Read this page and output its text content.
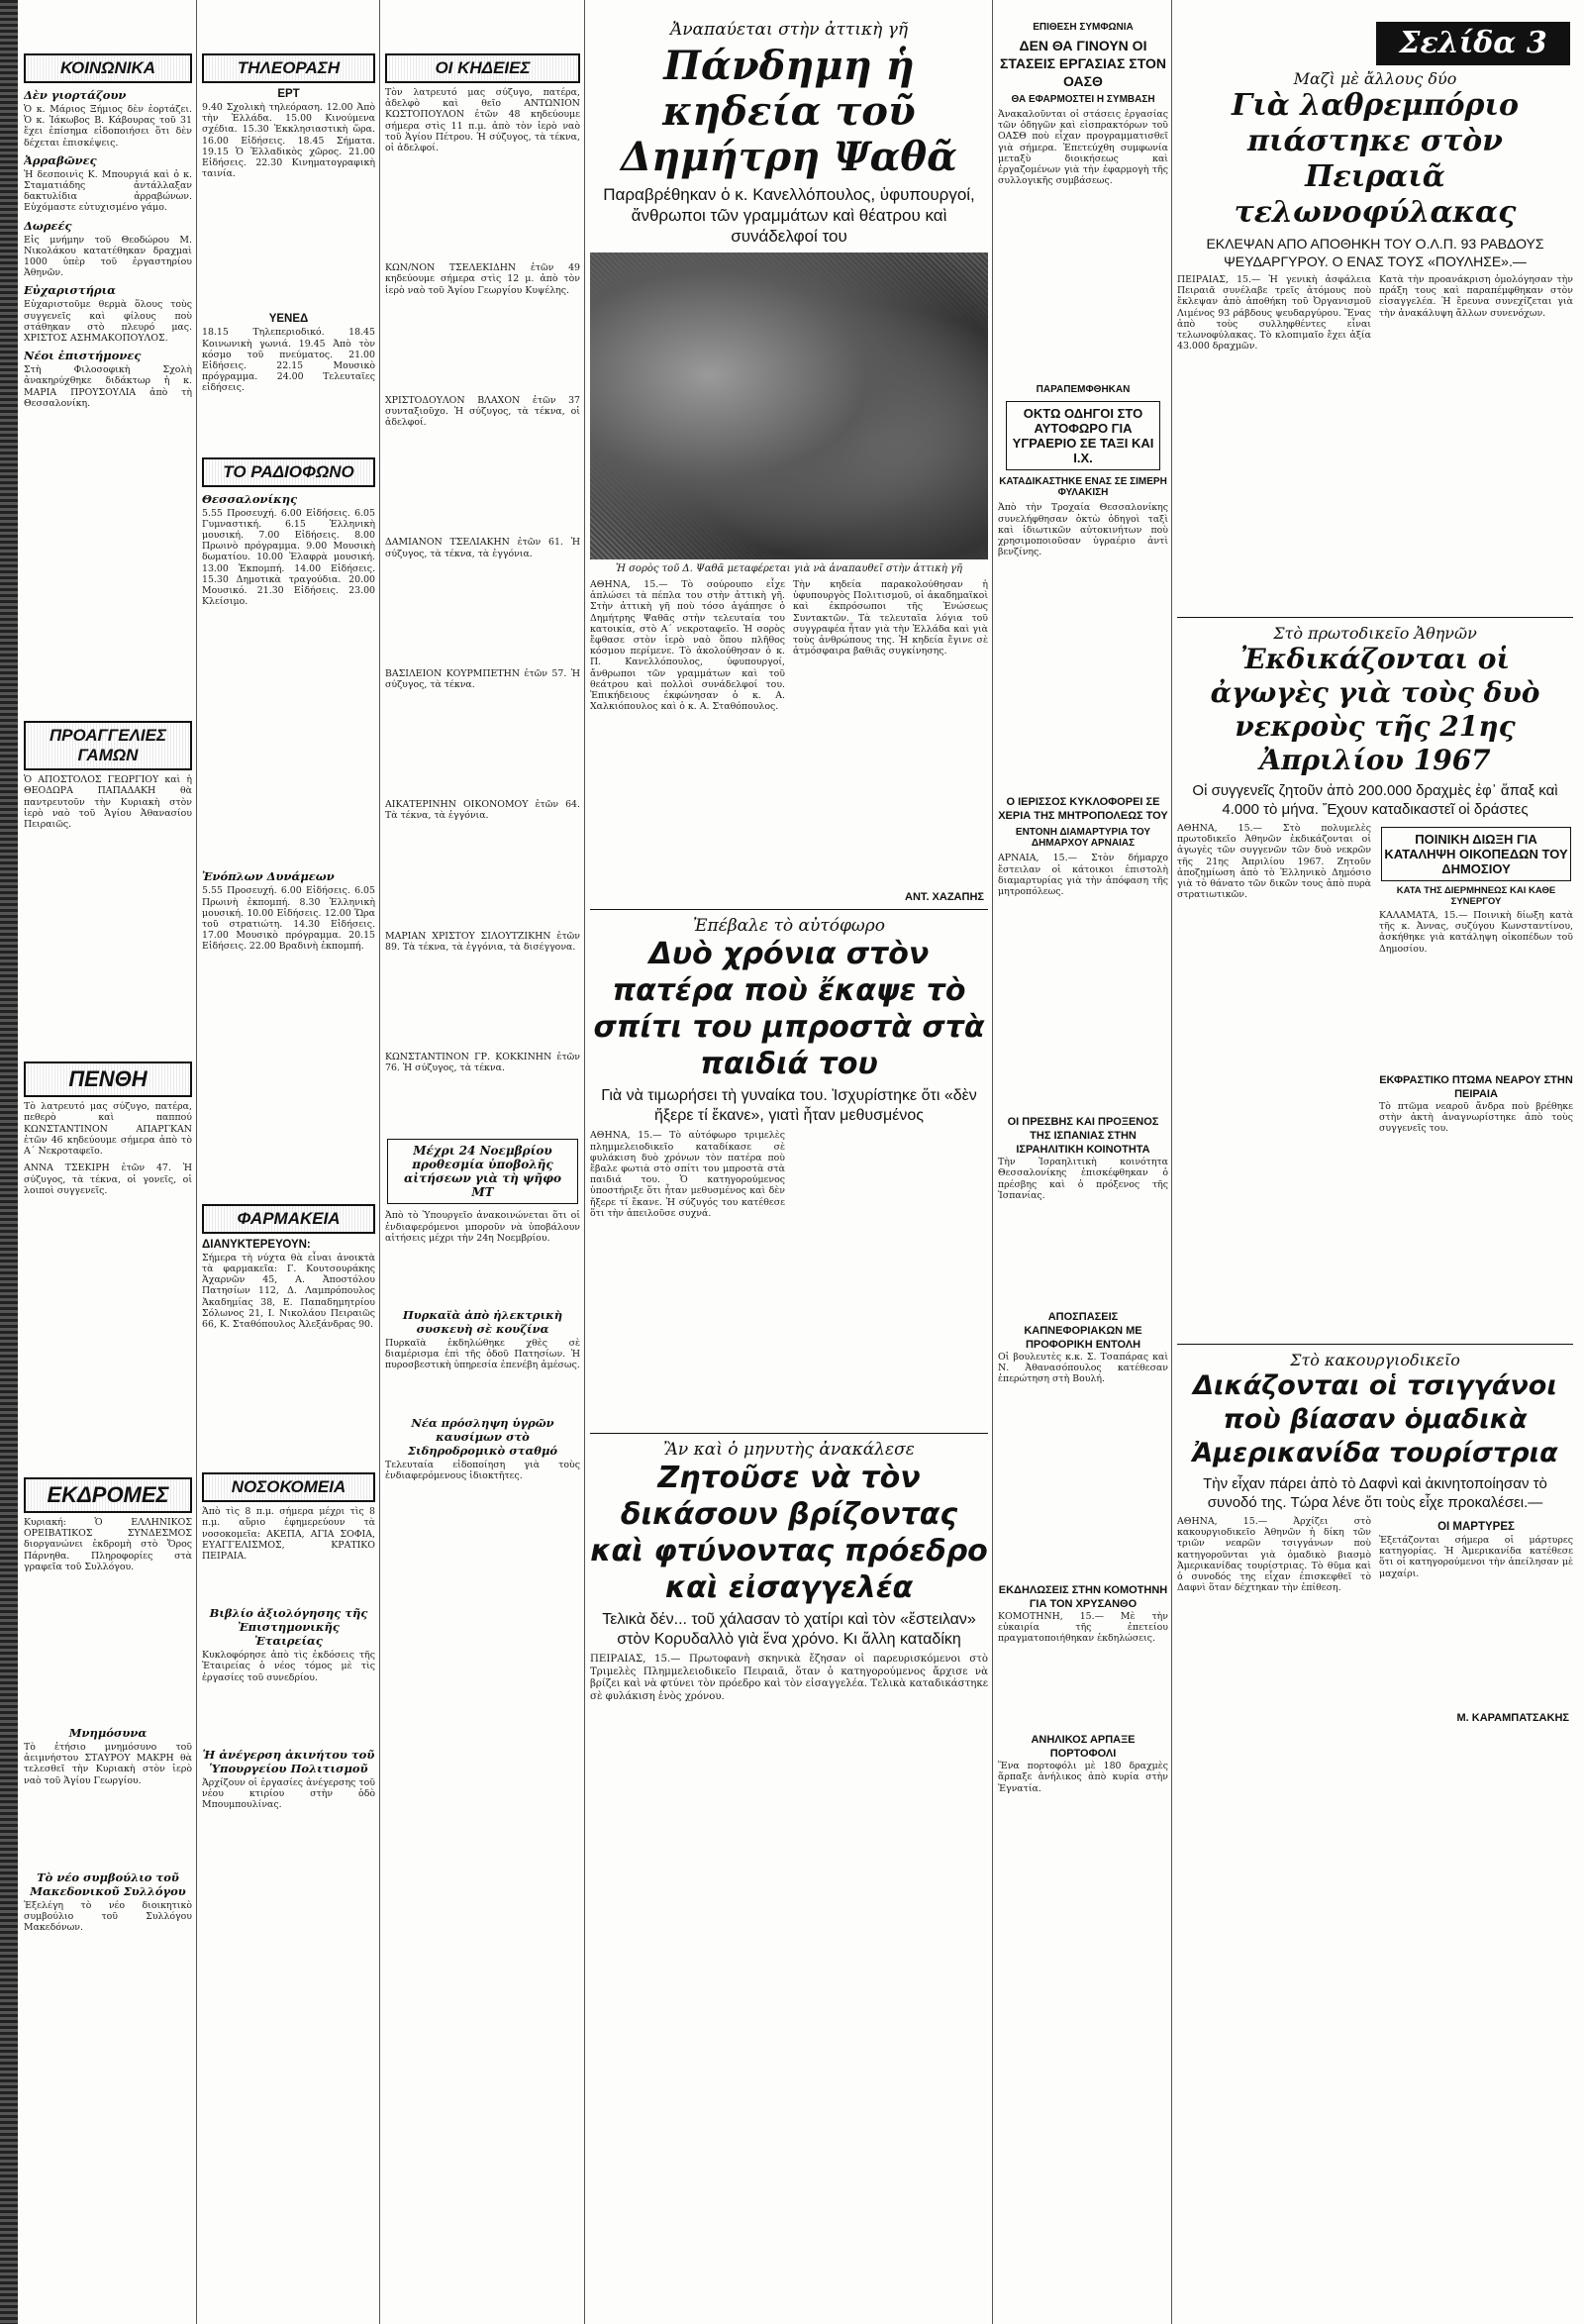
Σελίδα 3
ΚΟΙΝΩΝΙΚΑ
Δὲν γιορτάζουν

Ὁ κ. Μάριος Ξήμιος δὲν ἑορτάζει. Ὁ κ. Ἰάκωβος Β. Κάβουρας τοῦ 31 ἔχει ἐπίσημα εἰδοποιήσει ὅτι δὲν δέχεται ἐπισκέψεις.

Ἀρραβῶνες

Ἡ δεσποινὶς Κ. Μπουργιά καὶ ὁ κ. Σταματιάδης ἀντάλλαξαν δακτυλίδια ἀρραβώνων. Εὐχόμαστε εὐτυχισμένο γάμο.

Δωρεές

Εἰς μνήμην τοῦ Θεοδώρου Μ. Νικολάκου κατατέθηκαν δραχμαὶ 1000 ὑπὲρ τοῦ ἐργαστηρίου Ἀθηνῶν.

Εὐχαριστήρια

Εὐχαριστοῦμε θερμὰ ὅλους τοὺς συγγενεῖς καὶ φίλους ποὺ στάθηκαν στὸ πλευρό μας. ΧΡΙΣΤΟΣ ΑΣΗΜΑΚΟΠΟΥΛΟΣ.

Νέοι ἐπιστήμονες

Στὴ Φιλοσοφικὴ Σχολὴ ἀνακηρύχθηκε διδάκτωρ ἡ κ. ΜΑΡΙΑ ΠΡΟΥΣΟΥΛΙΑ ἀπὸ τὴ Θεσσαλονίκη.

ΠΡΟΑΓΓΕΛΙΕΣ ΓΑΜΩΝ

Ὁ ΑΠΟΣΤΟΛΟΣ ΓΕΩΡΓΙΟΥ καὶ ἡ ΘΕΟΔΩΡΑ ΠΑΠΑΔΑΚΗ θὰ παντρευτοῦν τὴν Κυριακὴ στὸν ἱερὸ ναὸ τοῦ Ἁγίου Ἀθανασίου Πειραιῶς.

ΠΕΝΘΗ

Τὸ λατρευτό μας σύζυγο, πατέρα, πεθερὸ καὶ παππού ΚΩΝΣΤΑΝΤΙΝΟΝ ΑΠΑΡΓΚΑΝ ἐτῶν 46 κηδεύουμε σήμερα ἀπὸ τὸ Α΄ Νεκροταφεῖο.

ΑΝΝΑ ΤΣΕΚΙΡΗ ἐτῶν 47. Ἡ σύζυγος, τὰ τέκνα, οἱ γονεῖς, οἱ λοιποὶ συγγενεῖς.

ΕΚΔΡΟΜΕΣ

Κυριακή: Ὁ ΕΛΛΗΝΙΚΟΣ ΟΡΕΙΒΑΤΙΚΟΣ ΣΥΝΔΕΣΜΟΣ διοργανώνει ἐκδρομὴ στὸ Ὄρος Πάρνηθα. Πληροφορίες στὰ γραφεῖα τοῦ Συλλόγου.

Μνημόσυνα

Τὸ ἐτήσιο μνημόσυνο τοῦ ἀειμνήστου ΣΤΑΥΡΟΥ ΜΑΚΡΗ θὰ τελεσθεῖ τὴν Κυριακὴ στὸν ἱερὸ ναὸ τοῦ Ἁγίου Γεωργίου.

Τὸ νέο συμβούλιο τοῦ Μακεδονικοῦ Συλλόγου

Ἐξελέγη τὸ νέο διοικητικὸ συμβούλιο τοῦ Συλλόγου Μακεδόνων.

ΤΗΛΕΟΡΑΣΗ
ΕΡΤ

9.40 Σχολικὴ τηλεόραση. 12.00 Ἀπὸ τὴν Ἑλλάδα. 15.00 Κινούμενα σχέδια. 15.30 Ἐκκλησιαστικὴ ὥρα. 16.00 Εἰδήσεις. 18.45 Σήματα. 19.15 Ὁ Ἑλλαδικὸς χῶρος. 21.00 Εἰδήσεις. 22.30 Κινηματογραφικὴ ταινία.

ΥΕΝΕΔ

18.15 Τηλεπεριοδικό. 18.45 Κοινωνικὴ γωνιά. 19.45 Ἀπὸ τὸν κόσμο τοῦ πνεύματος. 21.00 Εἰδήσεις. 22.15 Μουσικὸ πρόγραμμα. 24.00 Τελευταῖες εἰδήσεις.

ΤΟ ΡΑΔΙΟΦΩΝΟ
Θεσσαλονίκης

5.55 Προσευχή. 6.00 Εἰδήσεις. 6.05 Γυμναστική. 6.15 Ἑλληνικὴ μουσική. 7.00 Εἰδήσεις. 8.00 Πρωινὸ πρόγραμμα. 9.00 Μουσικὴ δωματίου. 10.00 Ἐλαφρὰ μουσική. 13.00 Ἐκπομπή. 14.00 Εἰδήσεις. 15.30 Δημοτικὰ τραγούδια. 20.00 Μουσικό. 21.30 Εἰδήσεις. 23.00 Κλείσιμο.

Ἐνόπλων Δυνάμεων

5.55 Προσευχή. 6.00 Εἰδήσεις. 6.05 Πρωινὴ ἐκπομπή. 8.30 Ἑλληνικὴ μουσική. 10.00 Εἰδήσεις. 12.00 Ὥρα τοῦ στρατιώτη. 14.30 Εἰδήσεις. 17.00 Μουσικὸ πρόγραμμα. 20.15 Εἰδήσεις. 22.00 Βραδινὴ ἐκπομπή.

ΦΑΡΜΑΚΕΙΑ
ΔΙΑΝΥΚΤΕΡΕΥΟΥΝ:

Σήμερα τὴ νύχτα θὰ εἶναι ἀνοικτὰ τὰ φαρμακεῖα: Γ. Κουτσουράκης Ἀχαρνῶν 45, Α. Ἀποστόλου Πατησίων 112, Δ. Λαμπρόπουλος Ἀκαδημίας 38, Ε. Παπαδημητρίου Σόλωνος 21, Ι. Νικολάου Πειραιῶς 66, Κ. Σταθόπουλος Ἀλεξάνδρας 90.

ΝΟΣΟΚΟΜΕΙΑ

Ἀπὸ τὶς 8 π.μ. σήμερα μέχρι τὶς 8 π.μ. αὔριο ἐφημερεύουν τὰ νοσοκομεῖα: ΑΚΕΠΑ, ΑΓΙΑ ΣΟΦΙΑ, ΕΥΑΓΓΕΛΙΣΜΟΣ, ΚΡΑΤΙΚΟ ΠΕΙΡΑΙΑ.

Βιβλίο ἀξιολόγησης τῆς Ἐπιστημονικῆς Ἐταιρείας

Κυκλοφόρησε ἀπὸ τὶς ἐκδόσεις τῆς Ἐταιρείας ὁ νέος τόμος μὲ τὶς ἐργασίες τοῦ συνεδρίου.

Ἡ ἀνέγερση ἀκινήτου τοῦ Ὑπουργείου Πολιτισμοῦ

Ἀρχίζουν οἱ ἐργασίες ἀνέγερσης τοῦ νέου κτιρίου στὴν ὁδὸ Μπουμπουλίνας.

ΟΙ ΚΗΔΕΙΕΣ

Τὸν λατρευτό μας σύζυγο, πατέρα, ἀδελφὸ καὶ θεῖο ΑΝΤΩΝΙΟΝ ΚΩΣΤΟΠΟΥΛΟΝ ἐτῶν 48 κηδεύουμε σήμερα στὶς 11 π.μ. ἀπὸ τὸν ἱερὸ ναὸ τοῦ Ἁγίου Πέτρου. Ἡ σύζυγος, τὰ τέκνα, οἱ ἀδελφοί.

ΚΩΝ/ΝΟΝ ΤΣΕΛΕΚΙΔΗΝ ἐτῶν 49 κηδεύουμε σήμερα στὶς 12 μ. ἀπὸ τὸν ἱερὸ ναὸ τοῦ Ἁγίου Γεωργίου Κυψέλης.

ΧΡΙΣΤΟΔΟΥΛΟΝ ΒΛΑΧΟΝ ἐτῶν 37 συνταξιοῦχο. Ἡ σύζυγος, τὰ τέκνα, οἱ ἀδελφοί.

ΔΑΜΙΑΝΟΝ ΤΣΕΛΙΑΚΗΝ ἐτῶν 61. Ἡ σύζυγος, τὰ τέκνα, τὰ ἐγγόνια.

ΒΑΣΙΛΕΙΟΝ ΚΟΥΡΜΠΕΤΗΝ ἐτῶν 57. Ἡ σύζυγος, τὰ τέκνα.

ΑΙΚΑΤΕΡΙΝΗΝ ΟΙΚΟΝΟΜΟΥ ἐτῶν 64. Τὰ τέκνα, τὰ ἐγγόνια.

ΜΑΡΙΑΝ ΧΡΙΣΤΟΥ ΣΙΛΟΥΤΖΙΚΗΝ ἐτῶν 89. Τὰ τέκνα, τὰ ἐγγόνια, τὰ δισέγγονα.

ΚΩΝΣΤΑΝΤΙΝΟΝ ΓΡ. ΚΟΚΚΙΝΗΝ ἐτῶν 76. Ἡ σύζυγος, τὰ τέκνα.

Μέχρι 24 Νοεμβρίου προθεσμία ὑποβολῆς αἰτήσεων γιὰ τὴ ψῆφο ΜΤ

Ἀπὸ τὸ Ὑπουργεῖο ἀνακοινώνεται ὅτι οἱ ἐνδιαφερόμενοι μποροῦν νὰ ὑποβάλουν αἰτήσεις μέχρι τὴν 24η Νοεμβρίου.

Πυρκαϊὰ ἀπὸ ἠλεκτρικὴ συσκευὴ σὲ κουζίνα

Πυρκαϊὰ ἐκδηλώθηκε χθὲς σὲ διαμέρισμα ἐπὶ τῆς ὁδοῦ Πατησίων. Ἡ πυροσβεστικὴ ὑπηρεσία ἐπενέβη ἀμέσως.

Νέα πρόσληψη ὑγρῶν καυσίμων στὸ Σιδηροδρομικὸ σταθμό

Τελευταία εἰδοποίηση γιὰ τοὺς ἐνδιαφερόμενους ἰδιοκτῆτες.

Ἀναπαύεται στὴν ἀττικὴ γῆ

Πάνδημη ἡ κηδεία τοῦ Δημήτρη Ψαθᾶ

Παραβρέθηκαν ὁ κ. Κανελλόπουλος, ὑφυπουργοί, ἄνθρωποι τῶν γραμμάτων καὶ θέατρου καὶ συνάδελφοί του

Ἡ σορὸς τοῦ Δ. Ψαθᾶ μεταφέρεται γιὰ νὰ ἀναπαυθεῖ στὴν ἀττικὴ γῆ

ΑΘΗΝΑ, 15.— Τὸ σούρουπο εἶχε ἁπλώσει τὰ πέπλα του στὴν ἀττικὴ γῆ. Στὴν ἀττικὴ γῆ ποὺ τόσο ἀγάπησε ὁ Δημήτρης Ψαθᾶς στὴν τελευταία του κατοικία, στὸ Α΄ νεκροταφεῖο. Ἡ σορὸς ἔφθασε στὸν ἱερὸ ναὸ ὅπου πλῆθος κόσμου περίμενε. Τὸ ἀκολούθησαν ὁ κ. Π. Κανελλόπουλος, ὑφυπουργοί, ἄνθρωποι τῶν γραμμάτων καὶ τοῦ θεάτρου καὶ πολλοὶ συνάδελφοί του. Ἐπικήδειους ἐκφώνησαν ὁ κ. Α. Χαλκιόπουλος καὶ ὁ κ. Α. Σταθόπουλος.

Τὴν κηδεία παρακολούθησαν ἡ ὑφυπουργὸς Πολιτισμοῦ, οἱ ἀκαδημαϊκοὶ καὶ ἐκπρόσωποι τῆς Ἑνώσεως Συντακτῶν. Τὰ τελευταῖα λόγια τοῦ συγγραφέα ἦταν γιὰ τὴν Ἑλλάδα καὶ γιὰ τοὺς ἀνθρώπους της. Ἡ κηδεία ἔγινε σὲ ἀτμόσφαιρα βαθιᾶς συγκίνησης.

ΑΝΤ. ΧΑΖΑΠΗΣ

Ἐπέβαλε τὸ αὐτόφωρο

Δυὸ χρόνια στὸν πατέρα ποὺ ἔκαψε τὸ σπίτι του μπροστὰ στὰ παιδιά του

Γιὰ νὰ τιμωρήσει τὴ γυναίκα του. Ἰσχυρίστηκε ὅτι «δὲν ἤξερε τί ἔκανε», γιατὶ ἦταν μεθυσμένος

ΑΘΗΝΑ, 15.— Τὸ αὐτόφωρο τριμελὲς πλημμελειοδικεῖο καταδίκασε σὲ φυλάκιση δυὸ χρόνων τὸν πατέρα ποὺ ἔβαλε φωτιὰ στὸ σπίτι του μπροστὰ στὰ παιδιά του. Ὁ κατηγορούμενος ὑποστήριξε ὅτι ἦταν μεθυσμένος καὶ δὲν ἤξερε τί ἔκανε. Ἡ σύζυγός του κατέθεσε ὅτι τὴν ἀπειλοῦσε συχνά.

Ἂν καὶ ὁ μηνυτὴς ἀνακάλεσε

Ζητοῦσε νὰ τὸν δικάσουν βρίζοντας καὶ φτύνοντας πρόεδρο καὶ εἰσαγγελέα

Τελικὰ δέν... τοῦ χάλασαν τὸ χατίρι καὶ τὸν «ἔστειλαν» στὸν Κορυδαλλὸ γιὰ ἕνα χρόνο. Κι ἄλλη καταδίκη

ΠΕΙΡΑΙΑΣ, 15.— Πρωτοφανὴ σκηνικὰ ἔζησαν οἱ παρευρισκόμενοι στὸ Τριμελὲς Πλημμελειοδικεῖο Πειραιᾶ, ὅταν ὁ κατηγορούμενος ἄρχισε νὰ βρίζει καὶ νὰ φτύνει τὸν πρόεδρο καὶ τὸν εἰσαγγελέα. Τελικὰ καταδικάστηκε σὲ φυλάκιση ἑνὸς χρόνου.

ΕΠΙΘΕΣΗ ΣΥΜΦΩΝΙΑ
ΔΕΝ ΘΑ ΓΙΝΟΥΝ ΟΙ ΣΤΑΣΕΙΣ ΕΡΓΑΣΙΑΣ ΣΤΟΝ ΟΑΣΘ
ΘΑ ΕΦΑΡΜΟΣΤΕΙ Η ΣΥΜΒΑΣΗ

Ἀνακαλοῦνται οἱ στάσεις ἐργασίας τῶν ὀδηγῶν καὶ εἰσπρακτόρων τοῦ ΟΑΣΘ ποὺ εἶχαν προγραμματισθεῖ γιὰ σήμερα. Ἐπετεύχθη συμφωνία μεταξὺ διοικήσεως καὶ ἐργαζομένων γιὰ τὴν ἐφαρμογὴ τῆς συλλογικῆς συμβάσεως.

ΠΑΡΑΠΕΜΦΘΗΚΑΝ
ΟΚΤΩ ΟΔΗΓΟΙ ΣΤΟ ΑΥΤΟΦΩΡΟ ΓΙΑ ΥΓΡΑΕΡΙΟ ΣΕ ΤΑΞΙ ΚΑΙ Ι.Χ.
ΚΑΤΑΔΙΚΑΣΤΗΚΕ ΕΝΑΣ ΣΕ ΣΙΜΕΡΗ ΦΥΛΑΚΙΣΗ

Ἀπὸ τὴν Τροχαία Θεσσαλονίκης συνελήφθησαν ὀκτὼ ὀδηγοὶ ταξὶ καὶ ἰδιωτικῶν αὐτοκινήτων ποὺ χρησιμοποιοῦσαν ὑγραέριο ἀντὶ βενζίνης.

Ο ΙΕΡΙΣΣΟΣ ΚΥΚΛΟΦΟΡΕΙ ΣΕ ΧΕΡΙΑ ΤΗΣ ΜΗΤΡΟΠΟΛΕΩΣ ΤΟΥ
ΕΝΤΟΝΗ ΔΙΑΜΑΡΤΥΡΙΑ ΤΟΥ ΔΗΜΑΡΧΟΥ ΑΡΝΑΙΑΣ

ΑΡΝΑΙΑ, 15.— Στὸν δήμαρχο ἔστειλαν οἱ κάτοικοι ἐπιστολὴ διαμαρτυρίας γιὰ τὴν ἀπόφαση τῆς μητροπόλεως.

ΟΙ ΠΡΕΣΒΗΣ ΚΑΙ ΠΡΟΞΕΝΟΣ ΤΗΣ ΙΣΠΑΝΙΑΣ ΣΤΗΝ ΙΣΡΑΗΛΙΤΙΚΗ ΚΟΙΝΟΤΗΤΑ

Τὴν Ἰσραηλιτικὴ κοινότητα Θεσσαλονίκης ἐπισκέφθηκαν ὁ πρέσβης καὶ ὁ πρόξενος τῆς Ἱσπανίας.

ΑΠΟΣΠΑΣΕΙΣ ΚΑΠΝΕΦΟΡΙΑΚΩΝ ΜΕ ΠΡΟΦΟΡΙΚΗ ΕΝΤΟΛΗ

Οἱ βουλευτὲς κ.κ. Σ. Τσαπάρας καὶ Ν. Ἀθανασόπουλος κατέθεσαν ἐπερώτηση στὴ Βουλή.

ΕΚΔΗΛΩΣΕΙΣ ΣΤΗΝ ΚΟΜΟΤΗΝΗ ΓΙΑ ΤΟΝ ΧΡΥΣΑΝΘΟ

ΚΟΜΟΤΗΝΗ, 15.— Μὲ τὴν εὐκαιρία τῆς ἐπετείου πραγματοποιήθηκαν ἐκδηλώσεις.

ΑΝΗΛΙΚΟΣ ΑΡΠΑΞΕ ΠΟΡΤΟΦΟΛΙ

Ἕνα πορτοφόλι μὲ 180 δραχμὲς ἅρπαξε ἀνήλικος ἀπὸ κυρία στὴν Ἐγνατία.

Μαζὶ μὲ ἄλλους δύο

Γιὰ λαθρεμπόριο πιάστηκε στὸν Πειραιᾶ τελωνοφύλακας

ΕΚΛΕΨΑΝ ΑΠΟ ΑΠΟΘΗΚΗ ΤΟΥ Ο.Λ.Π. 93 ΡΑΒΔΟΥΣ ΨΕΥΔΑΡΓΥΡΟΥ. Ο ΕΝΑΣ ΤΟΥΣ «ΠΟΥΛΗΣΕ».—

ΠΕΙΡΑΙΑΣ, 15.— Ἡ γενικὴ ἀσφάλεια Πειραιᾶ συνέλαβε τρεῖς ἀτόμους ποὺ ἔκλεψαν ἀπὸ ἀποθήκη τοῦ Ὀργανισμοῦ Λιμένος 93 ράβδους ψευδαργύρου. Ἕνας ἀπὸ τοὺς συλληφθέντες εἶναι τελωνοφύλακας. Τὸ κλοπιμαῖο ἔχει ἀξία 43.000 δραχμῶν.

Κατὰ τὴν προανάκριση ὁμολόγησαν τὴν πράξη τους καὶ παραπέμφθηκαν στὸν εἰσαγγελέα. Ἡ ἔρευνα συνεχίζεται γιὰ τὴν ἀνακάλυψη ἄλλων συνενόχων.

Στὸ πρωτοδικεῖο Ἀθηνῶν

Ἐκδικάζονται οἱ ἀγωγὲς γιὰ τοὺς δυὸ νεκροὺς τῆς 21ης Ἀπριλίου 1967

Οἱ συγγενεῖς ζητοῦν ἀπὸ 200.000 δραχμὲς ἐφ᾽ ἅπαξ καὶ 4.000 τὸ μήνα. Ἔχουν καταδικαστεῖ οἱ δράστες

ΑΘΗΝΑ, 15.— Στὸ πολυμελὲς πρωτοδικεῖο Ἀθηνῶν ἐκδικάζονται οἱ ἀγωγὲς τῶν συγγενῶν τῶν δυὸ νεκρῶν τῆς 21ης Ἀπριλίου 1967. Ζητοῦν ἀποζημίωση ἀπὸ τὸ Ἑλληνικὸ Δημόσιο γιὰ τὸ θάνατο τῶν δικῶν τους ἀπὸ πυρὰ στρατιωτικῶν.

ΠΟΙΝΙΚΗ ΔΙΩΞΗ ΓΙΑ ΚΑΤΑΛΗΨΗ ΟΙΚΟΠΕΔΩΝ ΤΟΥ ΔΗΜΟΣΙΟΥ
ΚΑΤΑ ΤΗΣ ΔΙΕΡΜΗΝΕΩΣ ΚΑΙ ΚΑΘΕ ΣΥΝΕΡΓΟΥ

ΚΑΛΑΜΑΤΑ, 15.— Ποινικὴ δίωξη κατὰ τῆς κ. Ἀννας, συζύγου Κωνσταντίνου, ἀσκήθηκε γιὰ κατάληψη οἰκοπέδων τοῦ Δημοσίου.

ΕΚΦΡΑΣΤΙΚΟ ΠΤΩΜΑ ΝΕΑΡΟΥ ΣΤΗΝ ΠΕΙΡΑΙΑ

Τὸ πτῶμα νεαροῦ ἄνδρα ποὺ βρέθηκε στὴν ἀκτὴ ἀναγνωρίστηκε ἀπὸ τοὺς συγγενεῖς του.

Στὸ κακουργιοδικεῖο

Δικάζονται οἱ τσιγγάνοι ποὺ βίασαν ὁμαδικὰ Ἀμερικανίδα τουρίστρια

Τὴν εἶχαν πάρει ἀπὸ τὸ Δαφνὶ καὶ ἀκινητοποίησαν τὸ συνοδό της. Τώρα λένε ὅτι τοὺς εἶχε προκαλέσει.—

ΑΘΗΝΑ, 15.— Ἀρχίζει στὸ κακουργιοδικεῖο Ἀθηνῶν ἡ δίκη τῶν τριῶν νεαρῶν τσιγγάνων ποὺ κατηγοροῦνται γιὰ ὁμαδικὸ βιασμὸ Ἀμερικανίδας τουρίστριας. Τὸ θῦμα καὶ ὁ συνοδός της εἶχαν ἐπισκεφθεῖ τὸ Δαφνὶ ὅταν δέχτηκαν τὴν ἐπίθεση.

ΟΙ ΜΑΡΤΥΡΕΣ

Ἐξετάζονται σήμερα οἱ μάρτυρες κατηγορίας. Ἡ Ἀμερικανίδα κατέθεσε ὅτι οἱ κατηγορούμενοι τὴν ἀπείλησαν μὲ μαχαίρι.

Μ. ΚΑΡΑΜΠΑΤΣΑΚΗΣ
